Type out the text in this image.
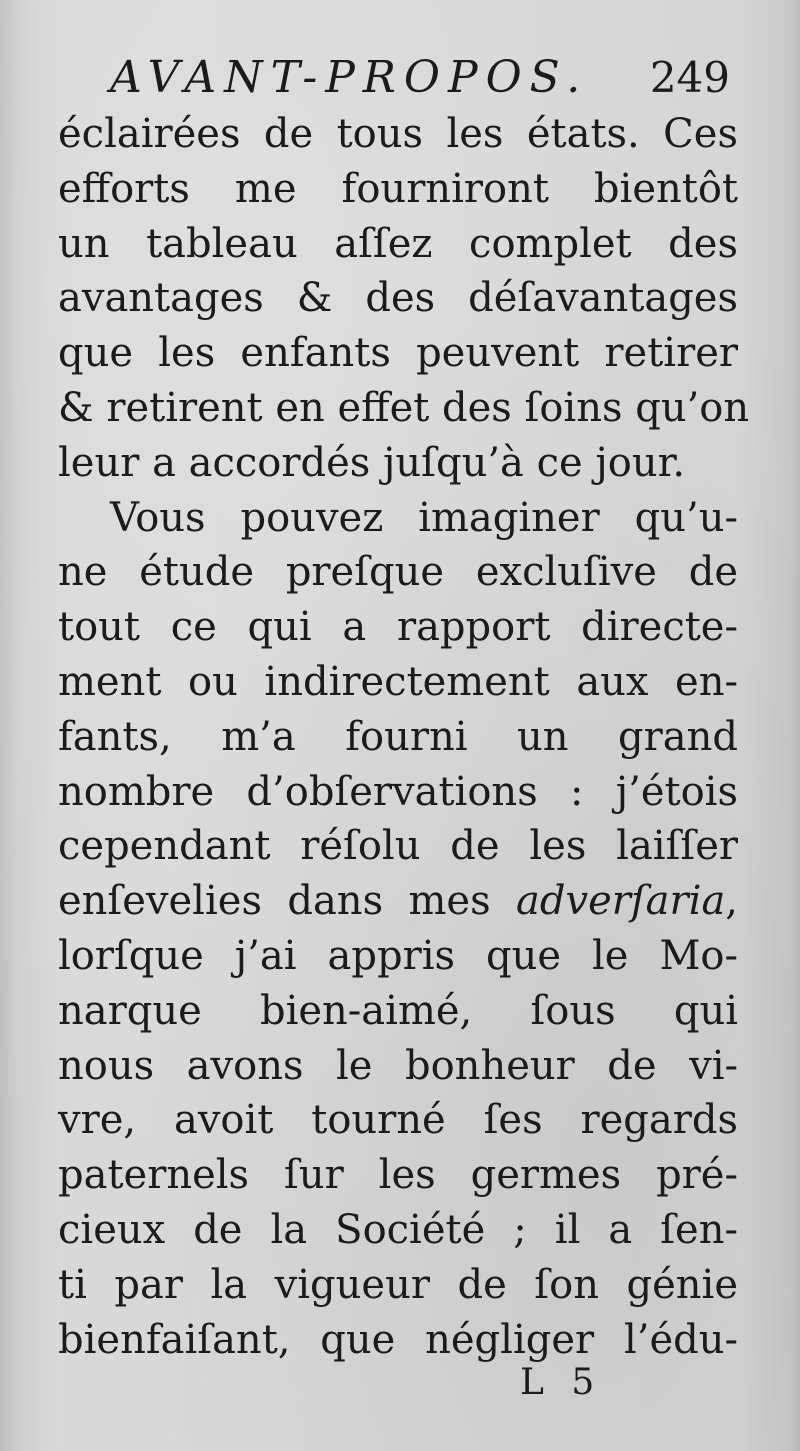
AVANT-PROPOS. 249
éclairées de tous les états. Ces
efforts me fourniront bientôt
un tableau aſſez complet des
avantages & des déſavantages
que les enfants peuvent retirer
& retirent en effet des ſoins qu’on
leur a accordés juſqu’à ce jour.
Vous pouvez imaginer qu’u-
ne étude preſque excluſive de
tout ce qui a rapport directe-
ment ou indirectement aux en-
fants, m’a fourni un grand
nombre d’obſervations : j’étois
cependant réſolu de les laiſſer
enſevelies dans mes adverſaria,
lorſque j’ai appris que le Mo-
narque bien-aimé, ſous qui
nous avons le bonheur de vi-
vre, avoit tourné ſes regards
paternels ſur les germes pré-
cieux de la Société ; il a ſen-
ti par la vigueur de ſon génie
bienfaiſant, que négliger l’édu-
L 5
